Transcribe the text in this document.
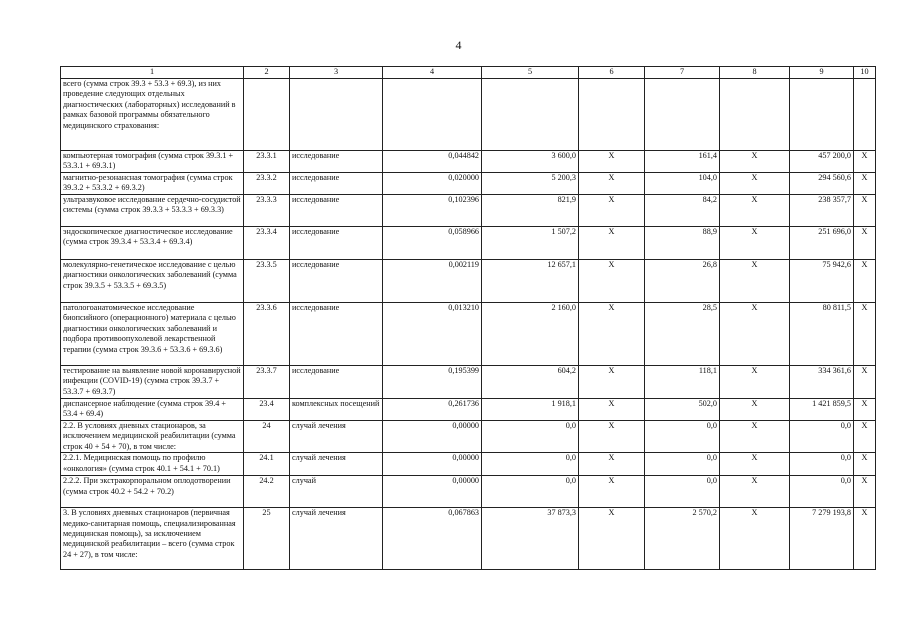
4
1	2	3	4	5	6	7	8	9	10
всего (сумма строк 39.3 + 53.3 + 69.3), из них проведение следующих отдельных диагностических (лабораторных) исследований в рамках базовой программы обязательного медицинского страхования:									
компьютерная томография (сумма строк 39.3.1 + 53.3.1 + 69.3.1)	23.3.1	исследование	0,044842	3 600,0	X	161,4	X	457 200,0	X
магнитно-резонансная томография (сумма строк 39.3.2 + 53.3.2 + 69.3.2)	23.3.2	исследование	0,020000	5 200,3	X	104,0	X	294 560,6	X
ультразвуковое исследование сердечно-сосудистой системы (сумма строк 39.3.3 + 53.3.3 + 69.3.3)	23.3.3	исследование	0,102396	821,9	X	84,2	X	238 357,7	X
эндоскопическое диагностическое исследование (сумма строк 39.3.4 + 53.3.4 + 69.3.4)	23.3.4	исследование	0,058966	1 507,2	X	88,9	X	251 696,0	X
молекулярно-генетическое исследование с целью диагностики онкологических заболеваний (сумма строк 39.3.5 + 53.3.5 + 69.3.5)	23.3.5	исследование	0,002119	12 657,1	X	26,8	X	75 942,6	X
патологоанатомическое исследование биопсийного (операционного) материала с целью диагностики онкологических заболеваний и подбора противоопухолевой лекарственной терапии (сумма строк 39.3.6 + 53.3.6 + 69.3.6)	23.3.6	исследование	0,013210	2 160,0	X	28,5	X	80 811,5	X
тестирование на выявление новой коронавирусной инфекции (COVID-19) (сумма строк 39.3.7 + 53.3.7 + 69.3.7)	23.3.7	исследование	0,195399	604,2	X	118,1	X	334 361,6	X
диспансерное наблюдение (сумма строк 39.4 + 53.4 + 69.4)	23.4	комплексных посещений	0,261736	1 918,1	X	502,0	X	1 421 859,5	X
2.2. В условиях дневных стационаров, за исключением медицинской реабилитации (сумма строк 40 + 54 + 70), в том числе:	24	случай лечения	0,00000	0,0	X	0,0	X	0,0	X
2.2.1. Медицинская помощь по профилю «онкология» (сумма строк 40.1 + 54.1 + 70.1)	24.1	случай лечения	0,00000	0,0	X	0,0	X	0,0	X
2.2.2. При экстракорпоральном оплодотворении (сумма строк 40.2 + 54.2 + 70.2)	24.2	случай	0,00000	0,0	X	0,0	X	0,0	X
3. В условиях дневных стационаров (первичная медико-санитарная помощь, специализированная медицинская помощь), за исключением медицинской реабилитации – всего (сумма строк 24 + 27), в том числе:	25	случай лечения	0,067863	37 873,3	X	2 570,2	X	7 279 193,8	X
